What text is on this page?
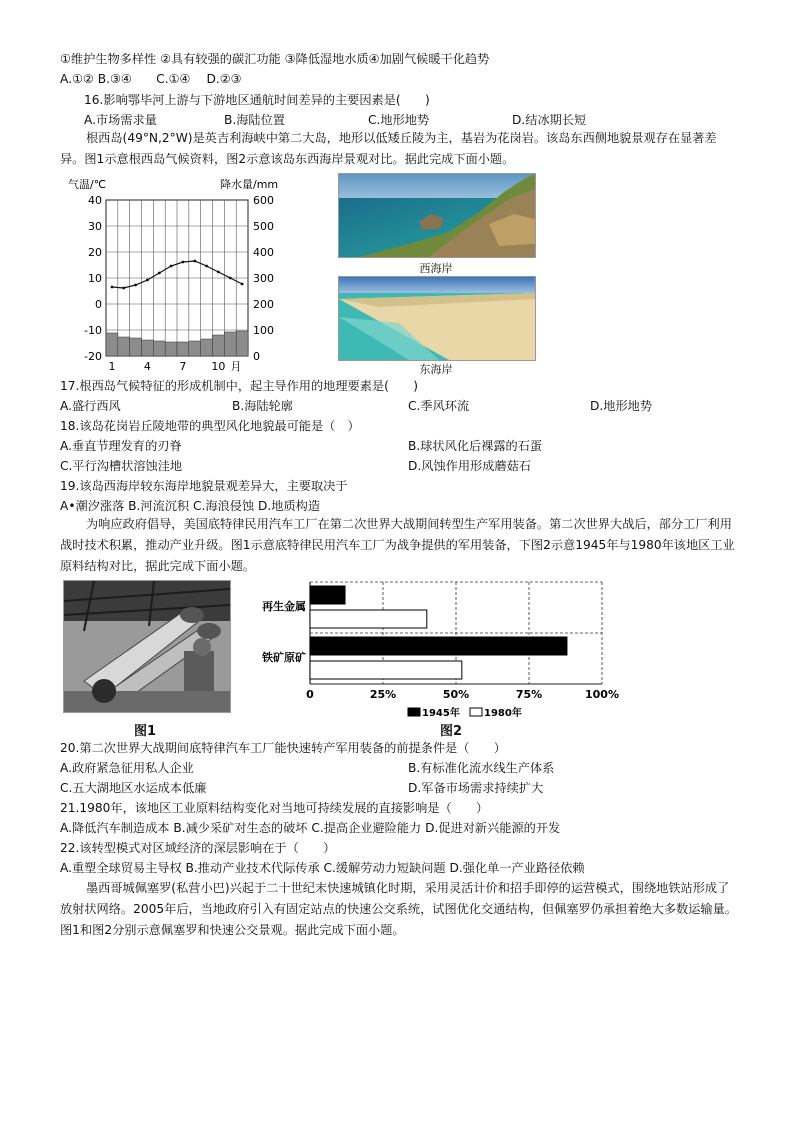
①维护生物多样性 ②具有较强的碳汇功能 ③降低湿地水质④加剧气候暖干化趋势
A.①② B.③④　　C.①④　 D.②③
16.影响鄂毕河上游与下游地区通航时间差异的主要因素是(　　)
A.市场需求量	B.海陆位置	C.地形地势	D.结冰期长短
根西岛(49°N,2°W)是英吉利海峡中第二大岛，地形以低矮丘陵为主，基岩为花岗岩。该岛东西侧地貌景观存在显著差异。图1示意根西岛气候资料，图2示意该岛东西海岸景观对比。据此完成下面小题。
气温/℃	降水量/mm
40
30
20
10
0
-10
-20
600
500
400
300
200
100
0
1	4	7 10 月
西海岸
东海岸
17.根西岛气候特征的形成机制中，起主导作用的地理要素是(　　)
A.盛行西风	B.海陆轮廓	C.季风环流	D.地形地势
18.该岛花岗岩丘陵地带的典型风化地貌最可能是（　）
A.垂直节理发育的刃脊	B.球状风化后裸露的石蛋
C.平行沟槽状溶蚀洼地	D.风蚀作用形成蘑菇石
19.该岛西海岸较东海岸地貌景观差异大，主要取决于
A•潮汐涨落 B.河流沉积 C.海浪侵蚀 D.地质构造
为响应政府倡导，美国底特律民用汽车工厂在第二次世界大战期间转型生产军用装备。第二次世界大战后，部分工厂利用战时技术积累，推动产业升级。图1示意底特律民用汽车工厂为战争提供的军用装备，下图2示意1945年与1980年该地区工业原料结构对比，据此完成下面小题。
图1
再生金属
铁矿原矿
0	25%	50%	75%	100%
1945年 1980年
图2
20.第二次世界大战期间底特律汽车工厂能快速转产军用装备的前提条件是（　　）
A.政府紧急征用私人企业	B.有标准化流水线生产体系
C.五大湖地区水运成本低廉	D.军备市场需求持续扩大
21.1980年，该地区工业原料结构变化对当地可持续发展的直接影响是（　　）
A.降低汽车制造成本 B.减少采矿对生态的破坏 C.提高企业避险能力 D.促进对新兴能源的开发
22.该转型模式对区域经济的深层影响在于（　　）
A.重塑全球贸易主导权 B.推动产业技术代际传承 C.缓解劳动力短缺问题 D.强化单一产业路径依赖
墨西哥城佩塞罗(私营小巴)兴起于二十世纪末快速城镇化时期，采用灵活计价和招手即停的运营模式，围绕地铁站形成了放射状网络。2005年后，当地政府引入有固定站点的快速公交系统，试图优化交通结构，但佩塞罗仍承担着绝大多数运输量。图1和图2分别示意佩塞罗和快速公交景观。据此完成下面小题。
